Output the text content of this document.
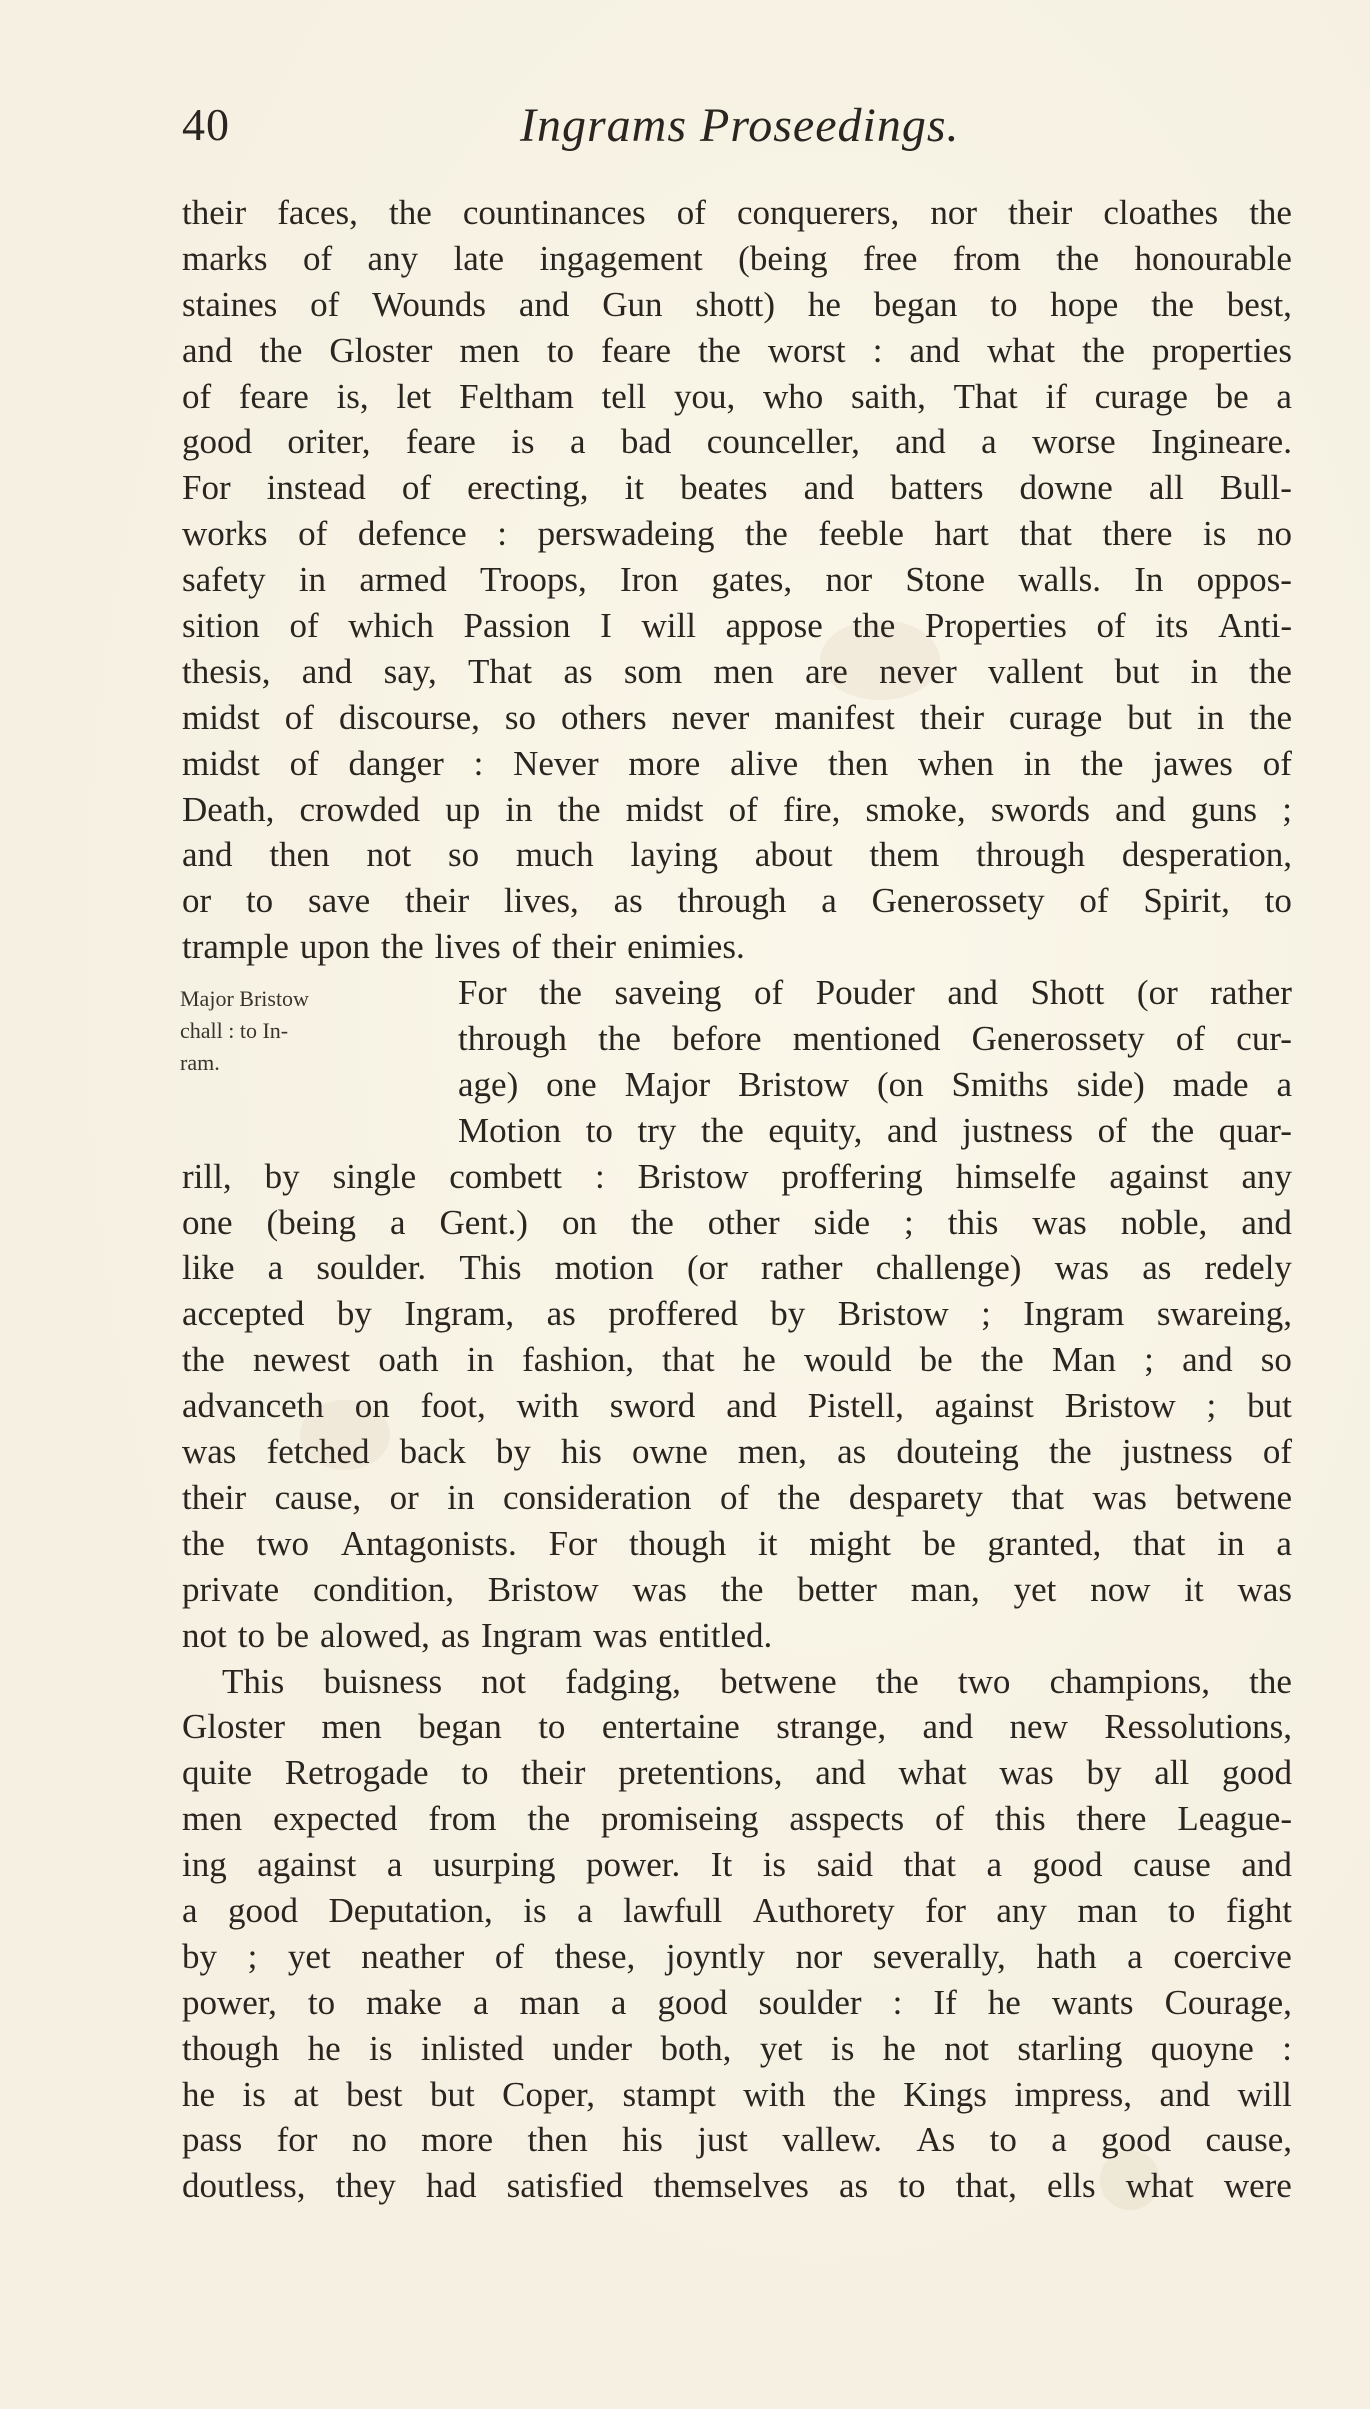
40	Ingrams Proseedings.
their faces, the countinances of conquerers, nor their cloathes the
marks of any late ingagement (being free from the honourable
staines of Wounds and Gun shott) he began to hope the best,
and the Gloster men to feare the worst : and what the properties
of feare is, let Feltham tell you, who saith, That if curage be a
good oriter, feare is a bad counceller, and a worse Ingineare.
For instead of erecting, it beates and batters downe all Bull-
works of defence : perswadeing the feeble hart that there is no
safety in armed Troops, Iron gates, nor Stone walls. In oppos-
sition of which Passion I will appose the Properties of its Anti-
thesis, and say, That as som men are never vallent but in the
midst of discourse, so others never manifest their curage but in the
midst of danger : Never more alive then when in the jawes of
Death, crowded up in the midst of fire, smoke, swords and guns ;
and then not so much laying about them through desperation,
or to save their lives, as through a Generossety of Spirit, to
trample upon the lives of their enimies.
For the saveing of Pouder and Shott (or rather
through the before mentioned Generossety of cur-
age) one Major Bristow (on Smiths side) made a
Motion to try the equity, and justness of the quar-
rill, by single combett : Bristow proffering himselfe against any
one (being a Gent.) on the other side ; this was noble, and
like a soulder. This motion (or rather challenge) was as redely
accepted by Ingram, as proffered by Bristow ; Ingram swareing,
the newest oath in fashion, that he would be the Man ; and so
advanceth on foot, with sword and Pistell, against Bristow ; but
was fetched back by his owne men, as douteing the justness of
their cause, or in consideration of the desparety that was betwene
the two Antagonists. For though it might be granted, that in a
private condition, Bristow was the better man, yet now it was
not to be alowed, as Ingram was entitled.
This buisness not fadging, betwene the two champions, the
Gloster men began to entertaine strange, and new Ressolutions,
quite Retrogade to their pretentions, and what was by all good
men expected from the promiseing asspects of this there League-
ing against a usurping power. It is said that a good cause and
a good Deputation, is a lawfull Authorety for any man to fight
by ; yet neather of these, joyntly nor severally, hath a coercive
power, to make a man a good soulder : If he wants Courage,
though he is inlisted under both, yet is he not starling quoyne :
he is at best but Coper, stampt with the Kings impress, and will
pass for no more then his just vallew. As to a good cause,
doutless, they had satisfied themselves as to that, ells what were
Major Bristow
chall : to In-
ram.
